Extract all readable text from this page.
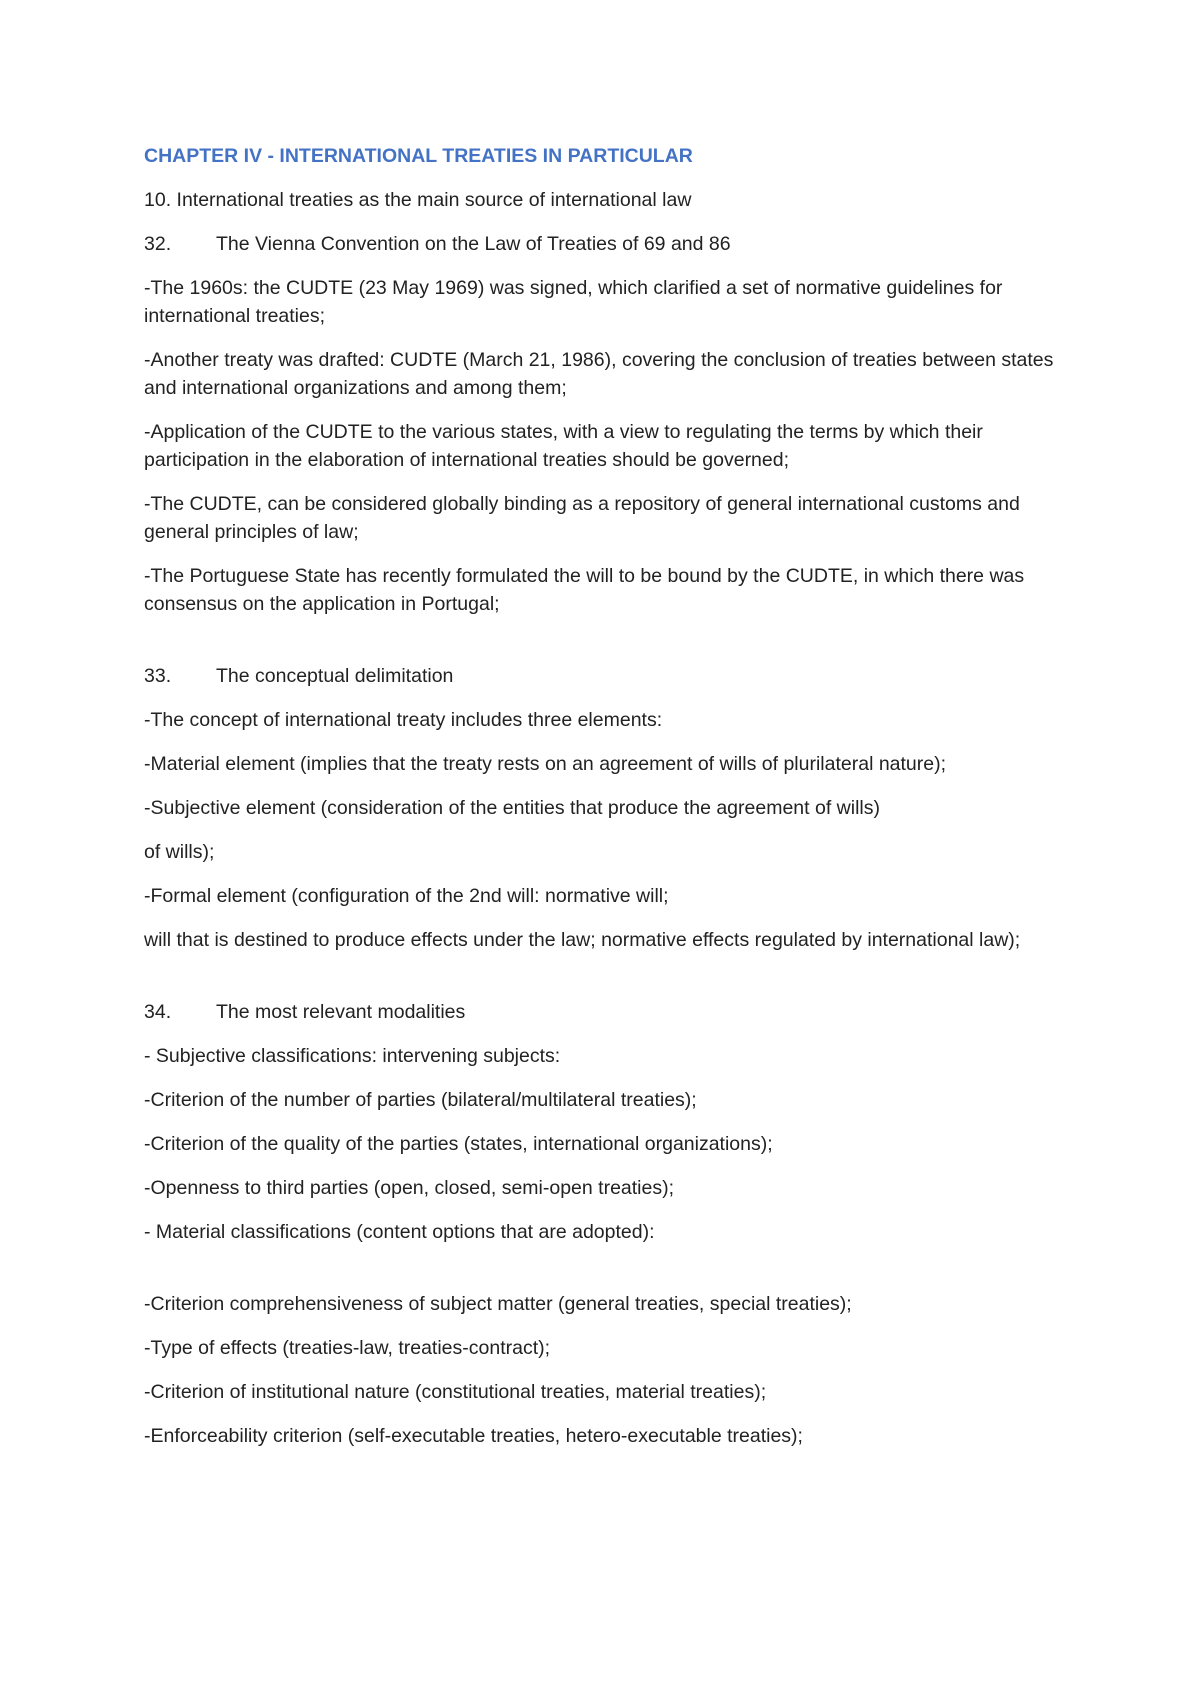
CHAPTER IV - INTERNATIONAL TREATIES IN PARTICULAR
10. International treaties as the main source of international law
32.	The Vienna Convention on the Law of Treaties of 69 and 86
-The 1960s: the CUDTE (23 May 1969) was signed, which clarified a set of normative guidelines for international treaties;
-Another treaty was drafted: CUDTE (March 21, 1986), covering the conclusion of treaties between states and international organizations and among them;
-Application of the CUDTE to the various states, with a view to regulating the terms by which their participation in the elaboration of international treaties should be governed;
-The CUDTE, can be considered globally binding as a repository of general international customs and general principles of law;
-The Portuguese State has recently formulated the will to be bound by the CUDTE, in which there was consensus on the application in Portugal;
33.	The conceptual delimitation
-The concept of international treaty includes three elements:
-Material element (implies that the treaty rests on an agreement of wills of plurilateral nature);
-Subjective element (consideration of the entities that produce the agreement of wills)
of wills);
-Formal element (configuration of the 2nd will: normative will;
will that is destined to produce effects under the law; normative effects regulated by international law);
34.	The most relevant modalities
- Subjective classifications: intervening subjects:
-Criterion of the number of parties (bilateral/multilateral treaties);
-Criterion of the quality of the parties (states, international organizations);
-Openness to third parties (open, closed, semi-open treaties);
- Material classifications (content options that are adopted):
-Criterion comprehensiveness of subject matter (general treaties, special treaties);
-Type of effects (treaties-law, treaties-contract);
-Criterion of institutional nature (constitutional treaties, material treaties);
-Enforceability criterion (self-executable treaties, hetero-executable treaties);
